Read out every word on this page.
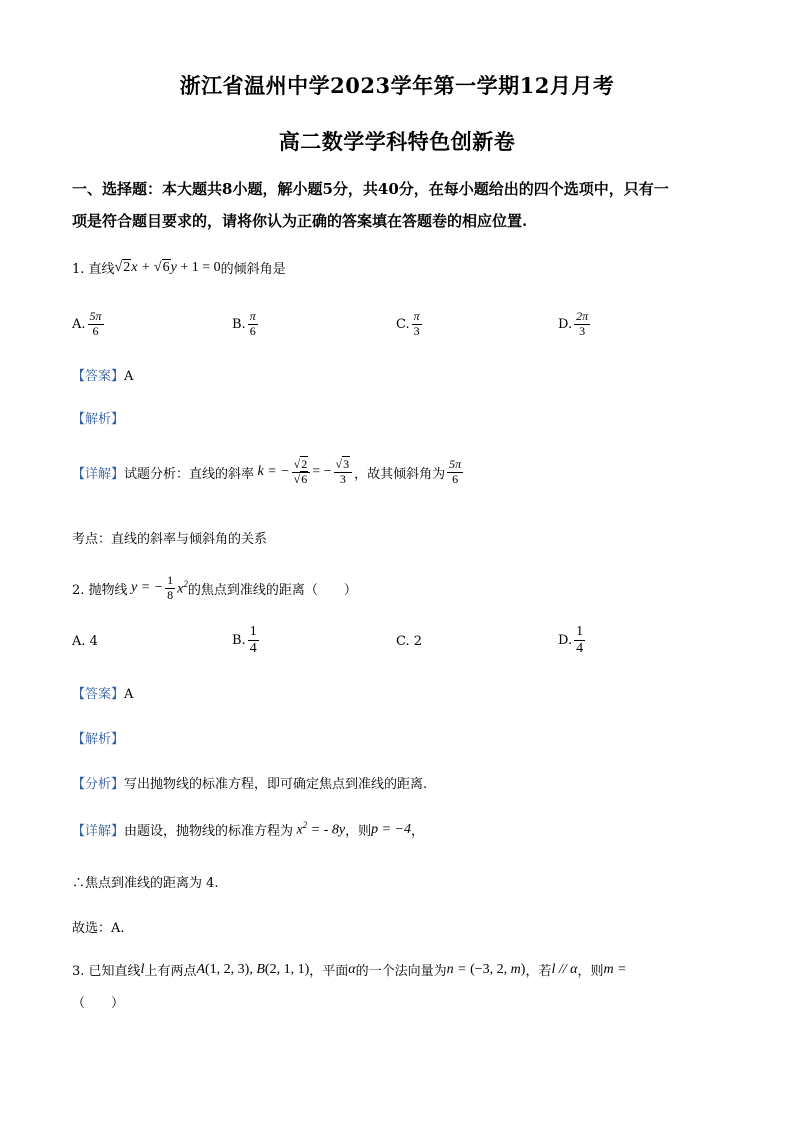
浙江省温州中学2023学年第一学期12月月考
高二数学学科特色创新卷
一、选择题：本大题共8小题，解小题5分，共40分，在每小题给出的四个选项中，只有一
项是符合题目要求的，请将你认为正确的答案填在答题卷的相应位置.
1. 直线 √2x + √6y + 1 = 0 的倾斜角是
A. $\frac{5\pi}{6}$	B. $\frac{\pi}{6}$	C. $\frac{\pi}{3}$	D. $\frac{2\pi}{3}$
【答案】A
【解析】
【详解】 试题分析：直线的斜率 k = − $\frac{√2}{√6}$ = − $\frac{√3}{3}$ ，故其倾斜角为 $\frac{5\pi}{6}$
考点：直线的斜率与倾斜角的关系
2. 抛物线 y = − $\frac{1}{8} x^2$ 的焦点到准线的距离（　　）
A. 4	B. $\frac{1}{4}$	C. 2	D. $\frac{1}{4}$
【答案】A
【解析】
【分析】写出抛物线的标准方程，即可确定焦点到准线的距离.
【详解】 由题设，抛物线的标准方程为 $x^2$ = - 8y ，则 p = −4 ，
∴焦点到准线的距离为 4.
故选：A.
3. 已知直线 l 上有两点 A(1, 2, 3), B(2, 1, 1) ，平面 α 的一个法向量为 n = (−3, 2, m) ，若 l // α ，则 m =
（　　）
